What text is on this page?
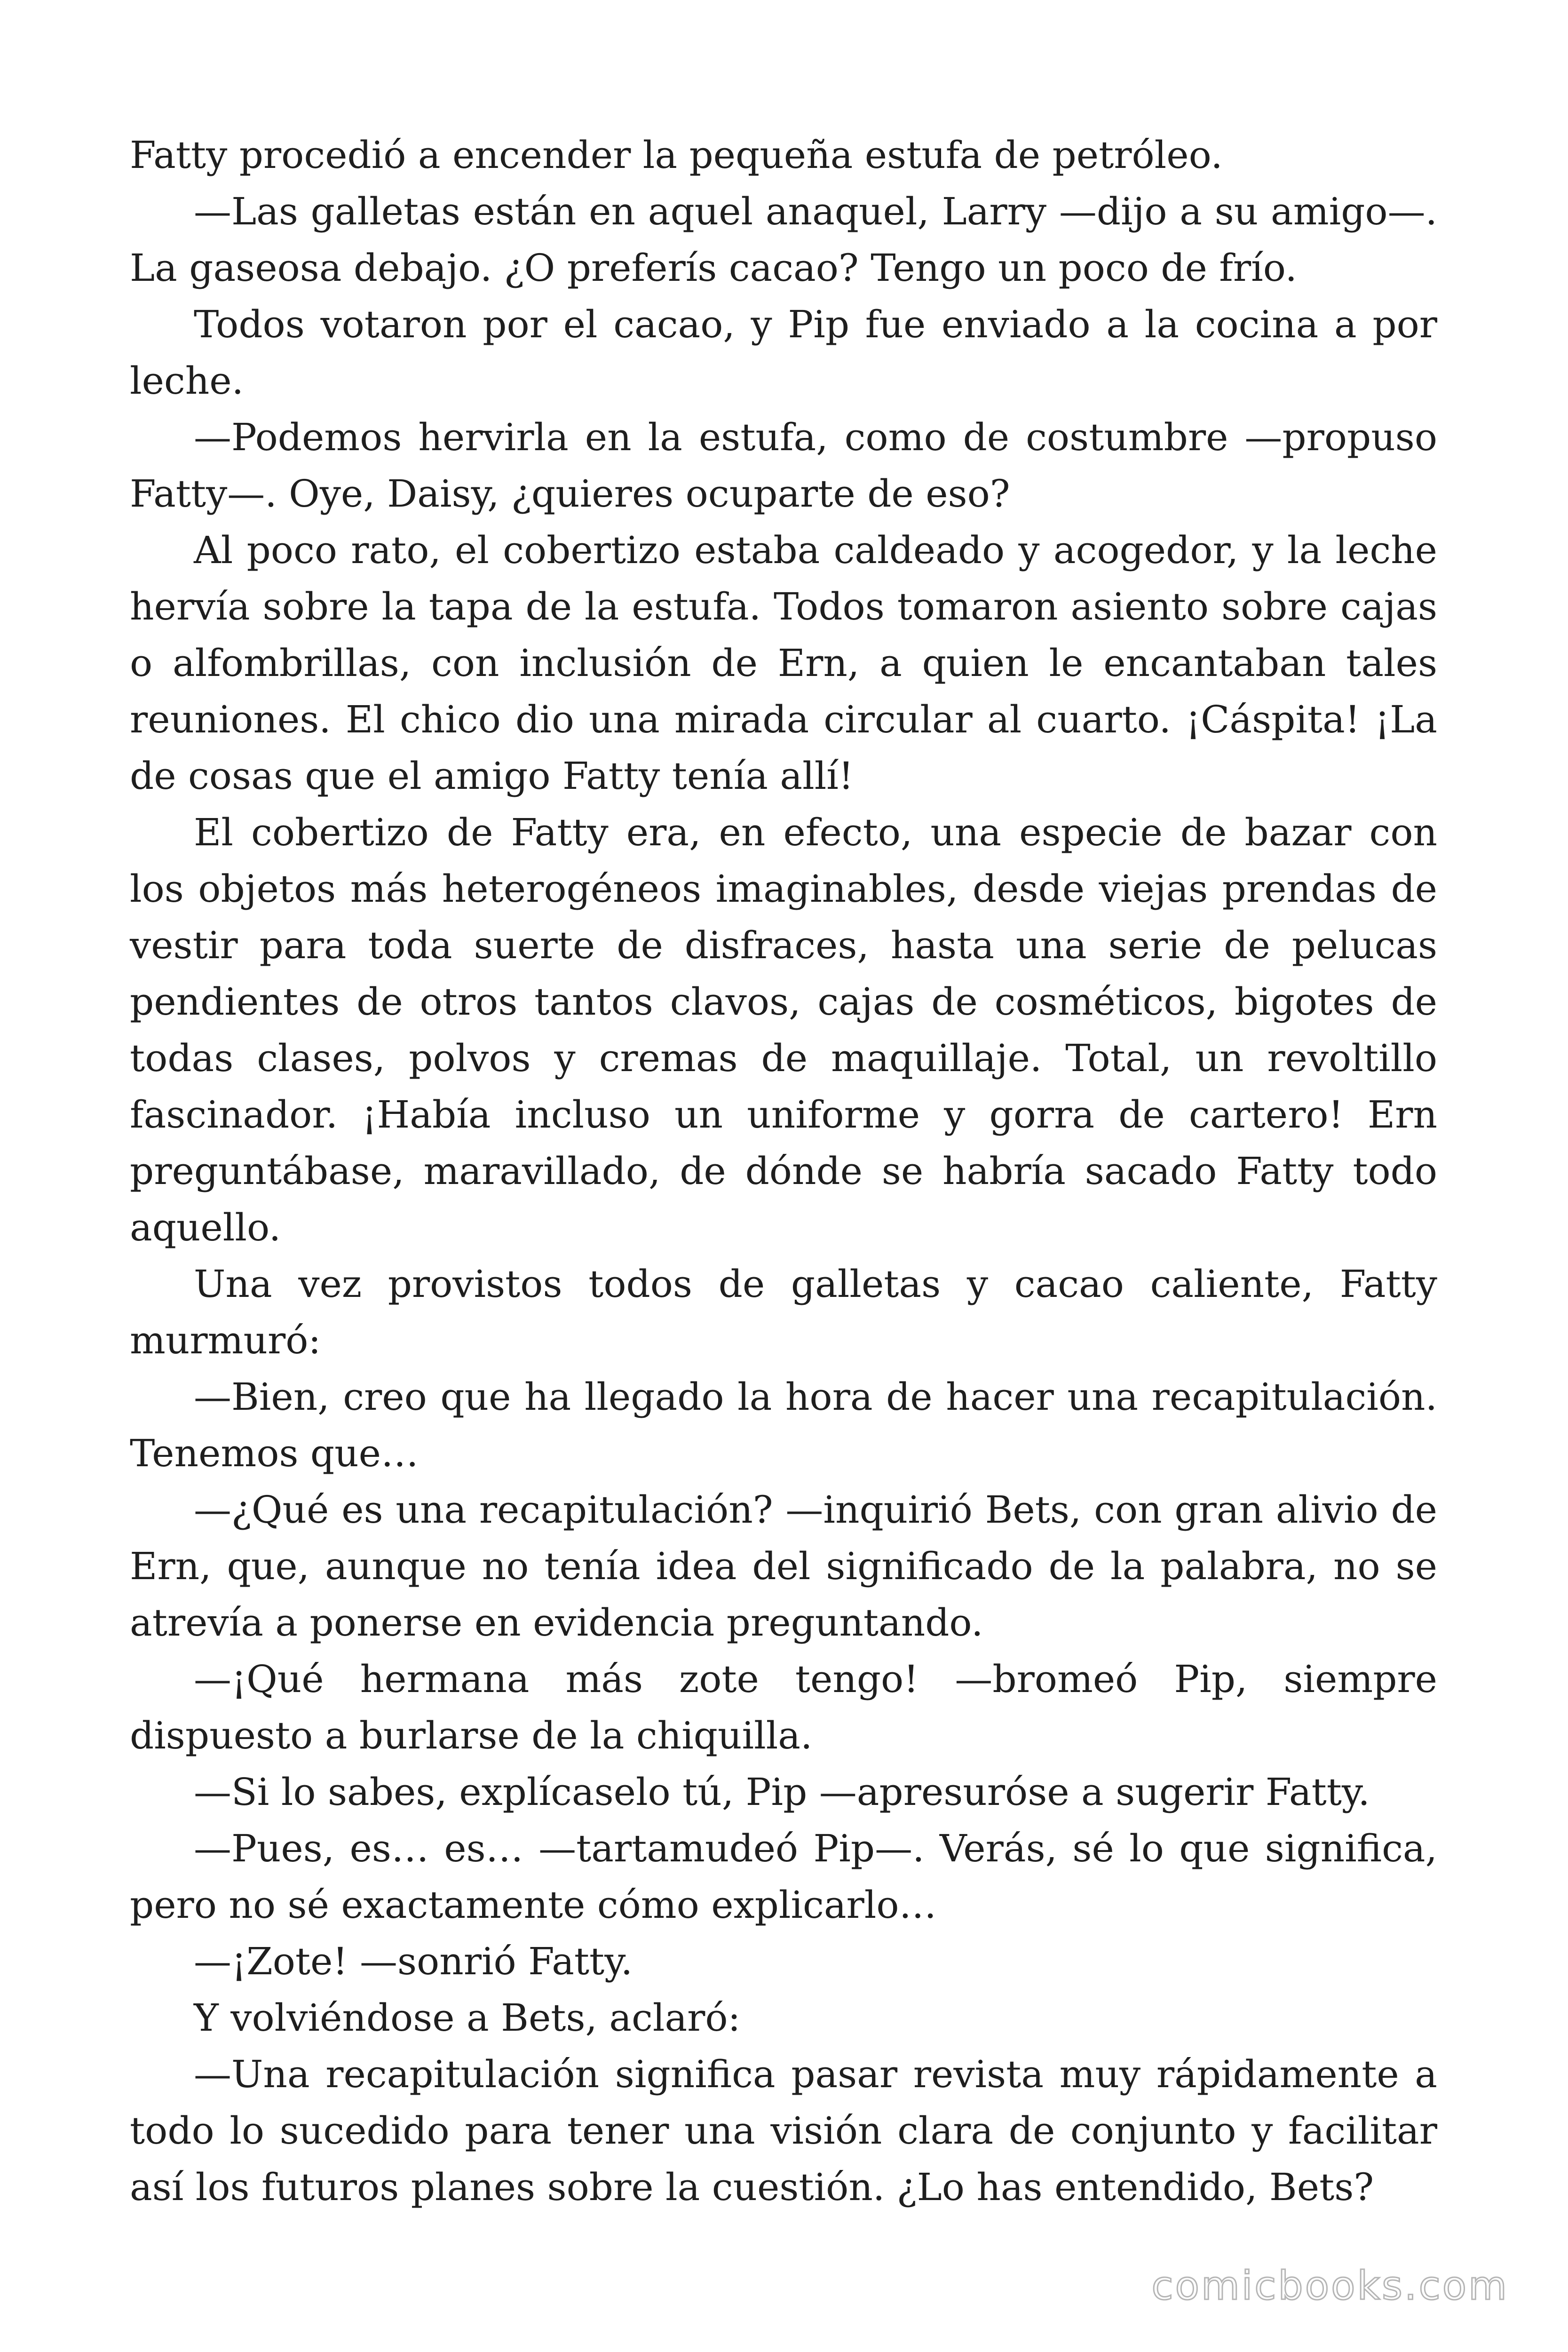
Fatty procedió a encender la pequeña estufa de petróleo.

—Las galletas están en aquel anaquel, Larry —dijo a su amigo—. La gaseosa debajo. ¿O preferís cacao? Tengo un poco de frío.

Todos votaron por el cacao, y Pip fue enviado a la cocina a por leche.

—Podemos hervirla en la estufa, como de costumbre —propuso Fatty—. Oye, Daisy, ¿quieres ocuparte de eso?

Al poco rato, el cobertizo estaba caldeado y acogedor, y la leche hervía sobre la tapa de la estufa. Todos tomaron asiento sobre cajas o alfombrillas, con inclusión de Ern, a quien le encantaban tales reuniones. El chico dio una mirada circular al cuarto. ¡Cáspita! ¡La de cosas que el amigo Fatty tenía allí!

El cobertizo de Fatty era, en efecto, una especie de bazar con los objetos más heterogéneos imaginables, desde viejas prendas de vestir para toda suerte de disfraces, hasta una serie de pelucas pendientes de otros tantos clavos, cajas de cosméticos, bigotes de todas clases, polvos y cremas de maquillaje. Total, un revoltillo fascinador. ¡Había incluso un uniforme y gorra de cartero! Ern preguntábase, maravillado, de dónde se habría sacado Fatty todo aquello.

Una vez provistos todos de galletas y cacao caliente, Fatty murmuró:

—Bien, creo que ha llegado la hora de hacer una recapitulación. Tenemos que…

—¿Qué es una recapitulación? —inquirió Bets, con gran alivio de Ern, que, aunque no tenía idea del significado de la palabra, no se atrevía a ponerse en evidencia preguntando.

—¡Qué hermana más zote tengo! —bromeó Pip, siempre dispuesto a burlarse de la chiquilla.

—Si lo sabes, explícaselo tú, Pip —apresuróse a sugerir Fatty.

—Pues, es… es… —tartamudeó Pip—. Verás, sé lo que significa, pero no sé exactamente cómo explicarlo…

—¡Zote! —sonrió Fatty.

Y volviéndose a Bets, aclaró:

—Una recapitulación significa pasar revista muy rápidamente a todo lo sucedido para tener una visión clara de conjunto y facilitar así los futuros planes sobre la cuestión. ¿Lo has entendido, Bets?

comicbooks.com
